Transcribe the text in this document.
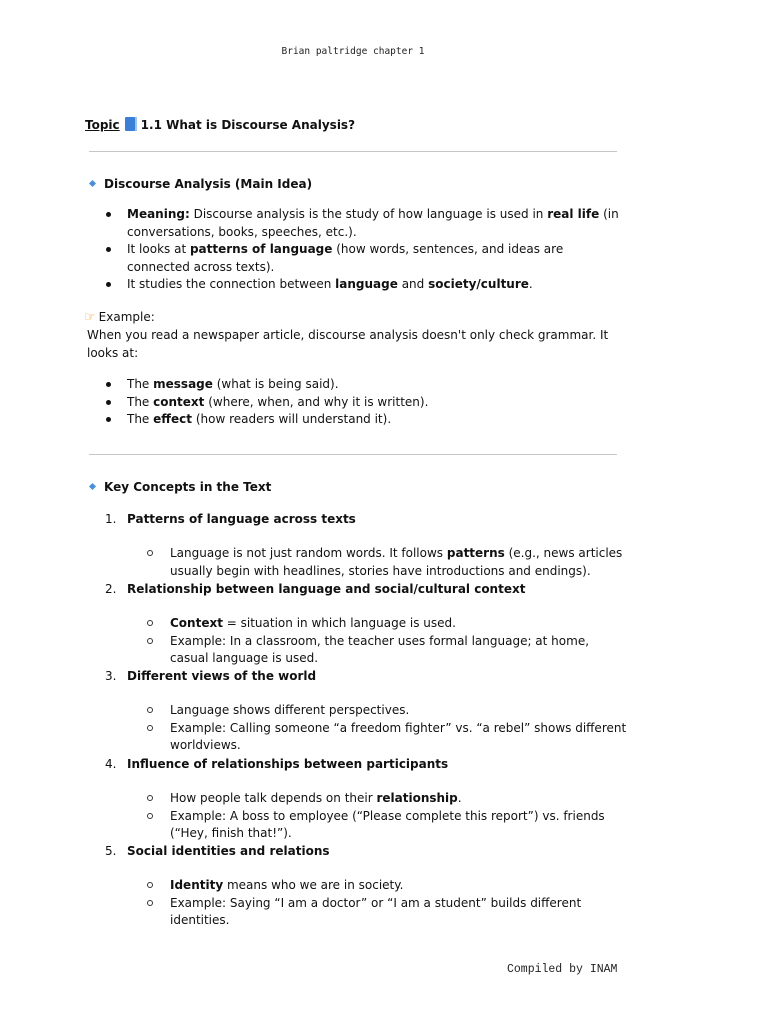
Brian paltridge chapter 1
Topic 1.1 What is Discourse Analysis?
Discourse Analysis (Main Idea)
Meaning: Discourse analysis is the study of how language is used in real life (in conversations, books, speeches, etc.).
It looks at patterns of language (how words, sentences, and ideas are connected across texts).
It studies the connection between language and society/culture.
☞ Example:
When you read a newspaper article, discourse analysis doesn't only check grammar. It looks at:
The message (what is being said).
The context (where, when, and why it is written).
The effect (how readers will understand it).
Key Concepts in the Text
1. Patterns of language across texts
Language is not just random words. It follows patterns (e.g., news articles usually begin with headlines, stories have introductions and endings).
2. Relationship between language and social/cultural context
Context = situation in which language is used.
Example: In a classroom, the teacher uses formal language; at home, casual language is used.
3. Different views of the world
Language shows different perspectives.
Example: Calling someone “a freedom fighter” vs. “a rebel” shows different worldviews.
4. Influence of relationships between participants
How people talk depends on their relationship.
Example: A boss to employee (“Please complete this report”) vs. friends (“Hey, finish that!”).
5. Social identities and relations
Identity means who we are in society.
Example: Saying “I am a doctor” or “I am a student” builds different identities.
Compiled by INAM
